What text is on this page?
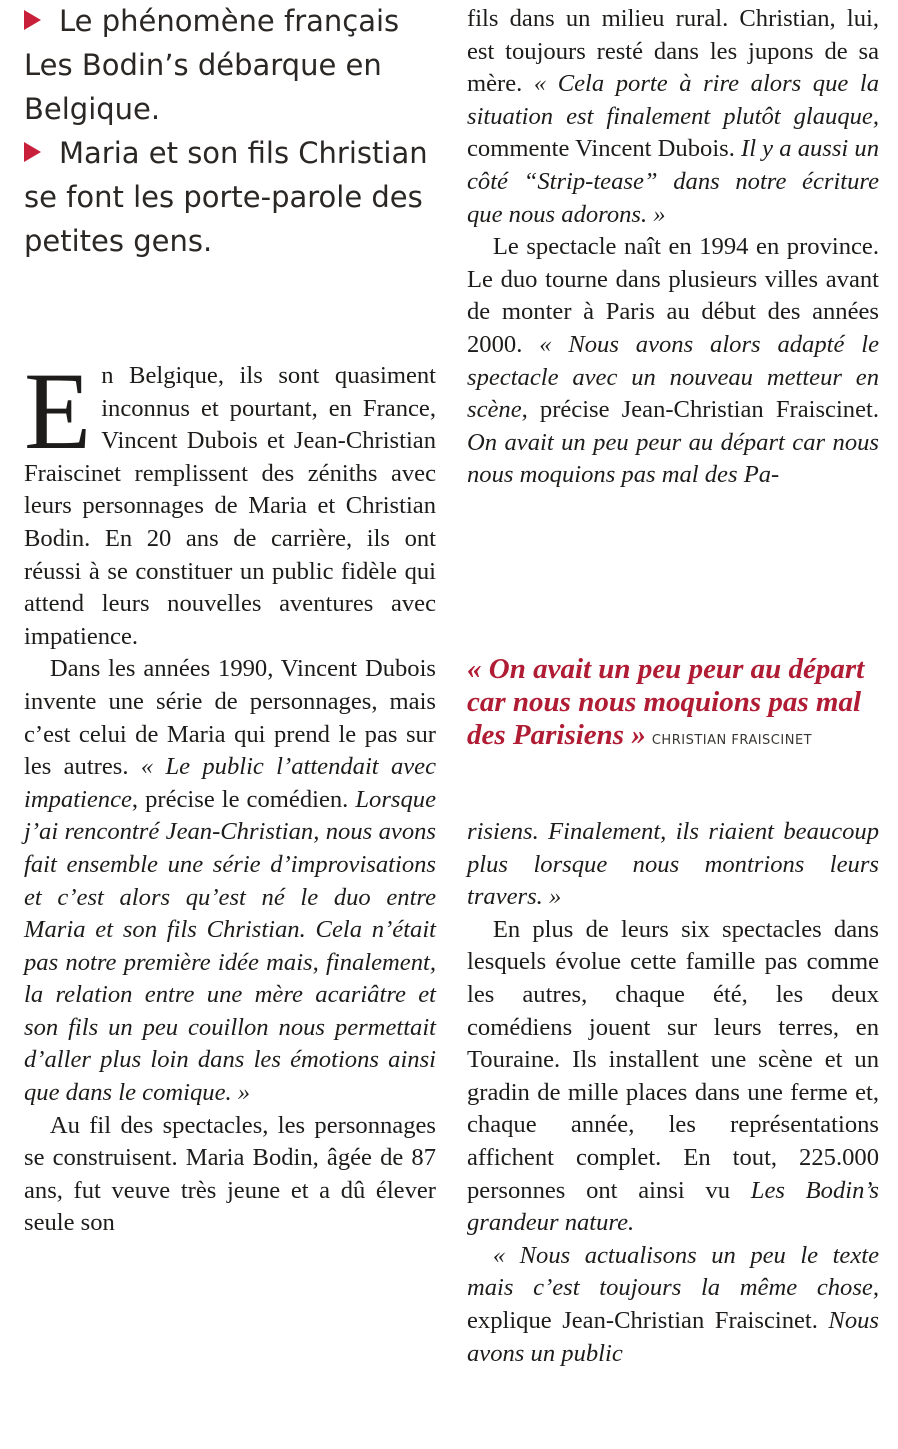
Le phénomène français Les Bodin’s débarque en Belgique.
Maria et son fils Christian se font les porte-parole des petites gens.

En Belgique, ils sont quasiment inconnus et pourtant, en France, Vincent Dubois et Jean-Christian Fraiscinet remplissent des zéniths avec leurs personnages de Maria et Christian Bodin. En 20 ans de carrière, ils ont réussi à se constituer un public fidèle qui attend leurs nouvelles aventures avec impatience.

Dans les années 1990, Vincent Dubois invente une série de personnages, mais c’est celui de Maria qui prend le pas sur les autres. « Le public l’attendait avec impatience, précise le comédien. Lorsque j’ai rencontré Jean-Christian, nous avons fait ensemble une série d’improvisations et c’est alors qu’est né le duo entre Maria et son fils Christian. Cela n’était pas notre première idée mais, finalement, la relation entre une mère acariâtre et son fils un peu couillon nous permettait d’aller plus loin dans les émotions ainsi que dans le comique. »

Au fil des spectacles, les personnages se construisent. Maria Bodin, âgée de 87 ans, fut veuve très jeune et a dû élever seule son

fils dans un milieu rural. Christian, lui, est toujours resté dans les jupons de sa mère. « Cela porte à rire alors que la situation est finalement plutôt glauque, commente Vincent Dubois. Il y a aussi un côté “Strip-tease” dans notre écriture que nous adorons. »

Le spectacle naît en 1994 en province. Le duo tourne dans plusieurs villes avant de monter à Paris au début des années 2000. « Nous avons alors adapté le spectacle avec un nouveau metteur en scène, précise Jean-Christian Fraiscinet. On avait un peu peur au départ car nous nous moquions pas mal des Pa-

« On avait un peu peur au départ car nous nous moquions pas mal des Parisiens » CHRISTIAN FRAISCINET

risiens. Finalement, ils riaient beaucoup plus lorsque nous montrions leurs travers. »

En plus de leurs six spectacles dans lesquels évolue cette famille pas comme les autres, chaque été, les deux comédiens jouent sur leurs terres, en Touraine. Ils installent une scène et un gradin de mille places dans une ferme et, chaque année, les représentations affichent complet. En tout, 225.000 personnes ont ainsi vu Les Bodin’s grandeur nature.

« Nous actualisons un peu le texte mais c’est toujours la même chose, explique Jean-Christian Fraiscinet. Nous avons un public
